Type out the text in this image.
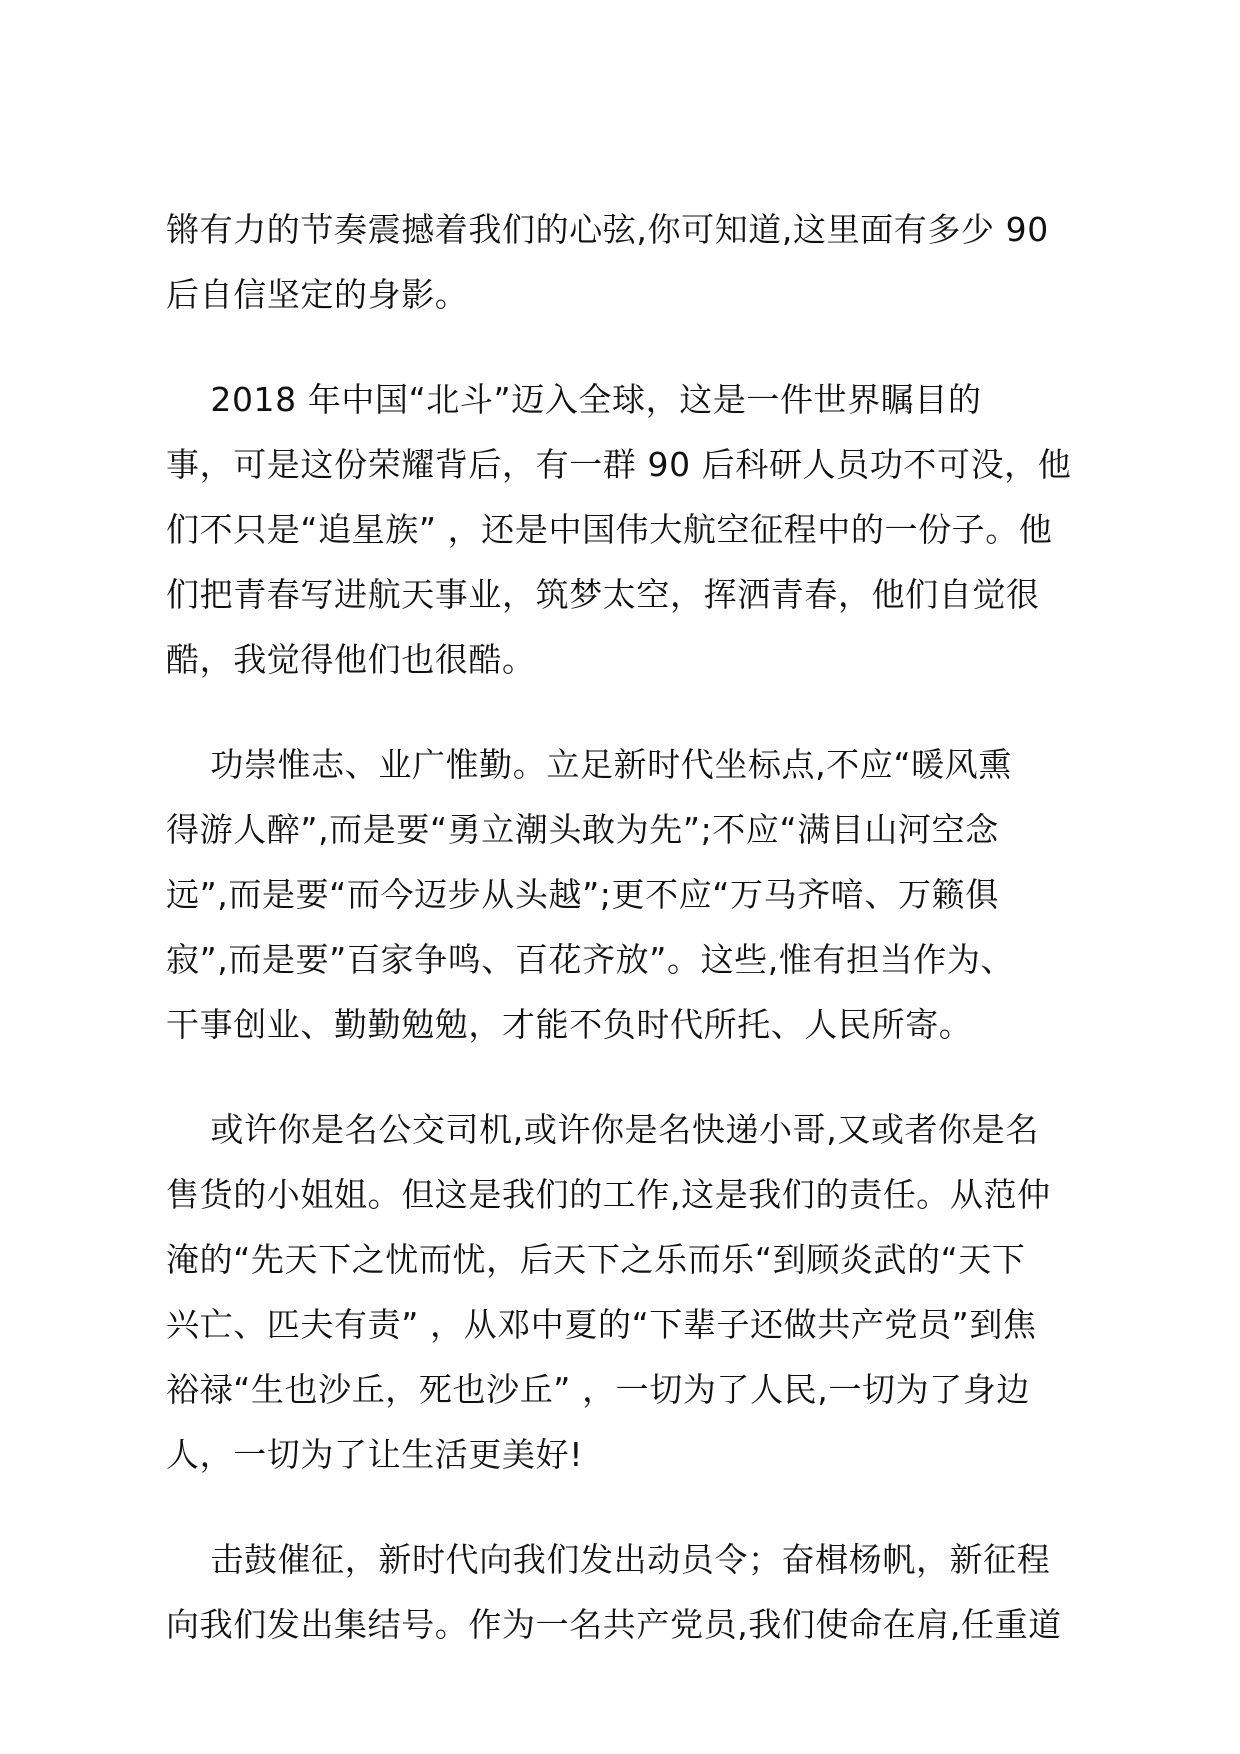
锵有力的节奏震撼着我们的心弦,你可知道,这里面有多少 90
后自信坚定的身影。
2018 年中国“北斗”迈入全球，这是一件世界瞩目的
事，可是这份荣耀背后，有一群 90 后科研人员功不可没，他
们不只是“追星族” ，还是中国伟大航空征程中的一份子。他
们把青春写进航天事业，筑梦太空，挥洒青春，他们自觉很
酷，我觉得他们也很酷。
功崇惟志、业广惟勤。立足新时代坐标点,不应“暖风熏
得游人醉”,而是要“勇立潮头敢为先”;不应“满目山河空念
远”,而是要“而今迈步从头越”;更不应“万马齐喑、万籁俱
寂”,而是要”百家争鸣、百花齐放”。这些,惟有担当作为、
干事创业、勤勤勉勉，才能不负时代所托、人民所寄。
或许你是名公交司机,或许你是名快递小哥,又或者你是名
售货的小姐姐。但这是我们的工作,这是我们的责任。从范仲
淹的“先天下之忧而忧，后天下之乐而乐“到顾炎武的“天下
兴亡、匹夫有责” ，从邓中夏的“下辈子还做共产党员”到焦
裕禄“生也沙丘，死也沙丘” ，一切为了人民,一切为了身边
人，一切为了让生活更美好!
击鼓催征，新时代向我们发出动员令；奋楫杨帆，新征程
向我们发出集结号。作为一名共产党员,我们使命在肩,任重道
